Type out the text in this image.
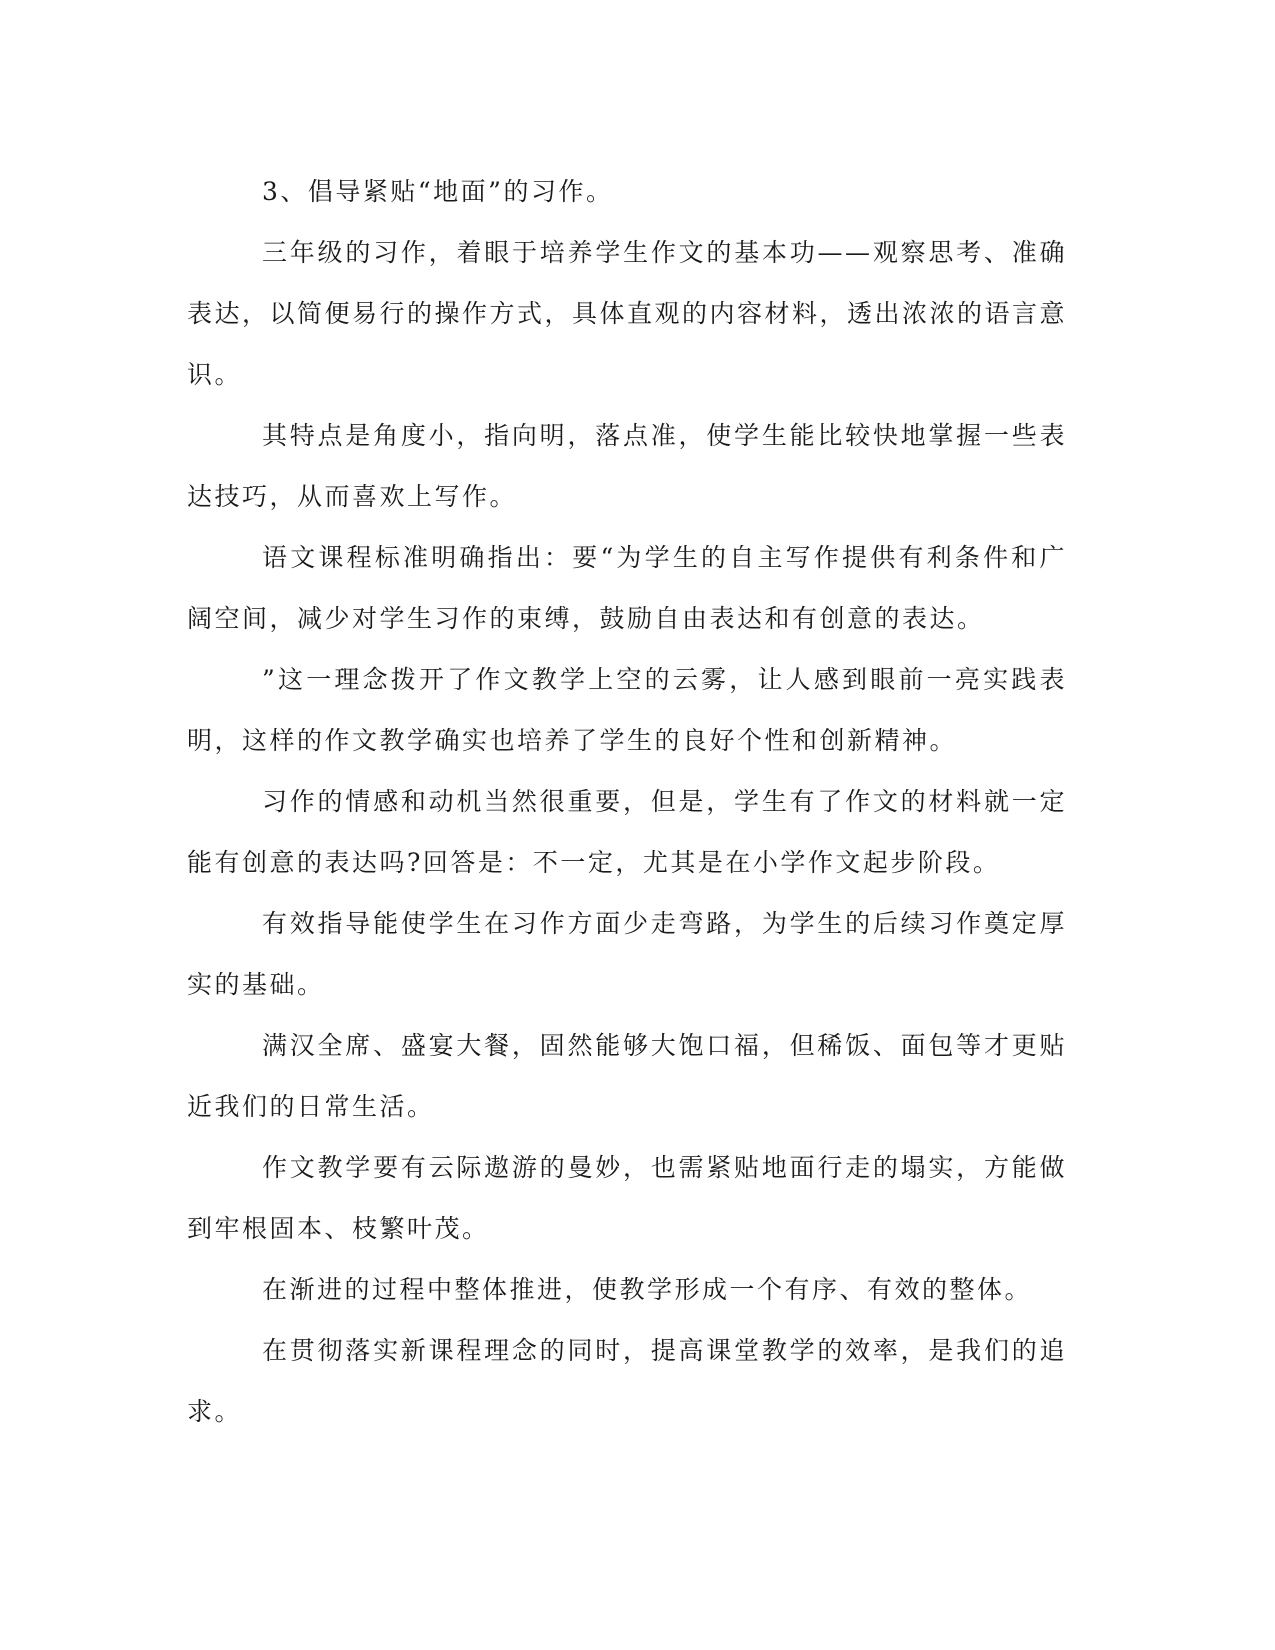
3、倡导紧贴“地面”的习作。

三年级的习作，着眼于培养学生作文的基本功——观察思考、准确表达，以简便易行的操作方式，具体直观的内容材料，透出浓浓的语言意识。

其特点是角度小，指向明，落点准，使学生能比较快地掌握一些表达技巧，从而喜欢上写作。

语文课程标准明确指出：要“为学生的自主写作提供有利条件和广阔空间，减少对学生习作的束缚，鼓励自由表达和有创意的表达。

”这一理念拨开了作文教学上空的云雾，让人感到眼前一亮实践表明，这样的作文教学确实也培养了学生的良好个性和创新精神。

习作的情感和动机当然很重要，但是，学生有了作文的材料就一定能有创意的表达吗?回答是：不一定，尤其是在小学作文起步阶段。

有效指导能使学生在习作方面少走弯路，为学生的后续习作奠定厚实的基础。

满汉全席、盛宴大餐，固然能够大饱口福，但稀饭、面包等才更贴近我们的日常生活。

作文教学要有云际遨游的曼妙，也需紧贴地面行走的塌实，方能做到牢根固本、枝繁叶茂。

在渐进的过程中整体推进，使教学形成一个有序、有效的整体。

在贯彻落实新课程理念的同时，提高课堂教学的效率，是我们的追求。
